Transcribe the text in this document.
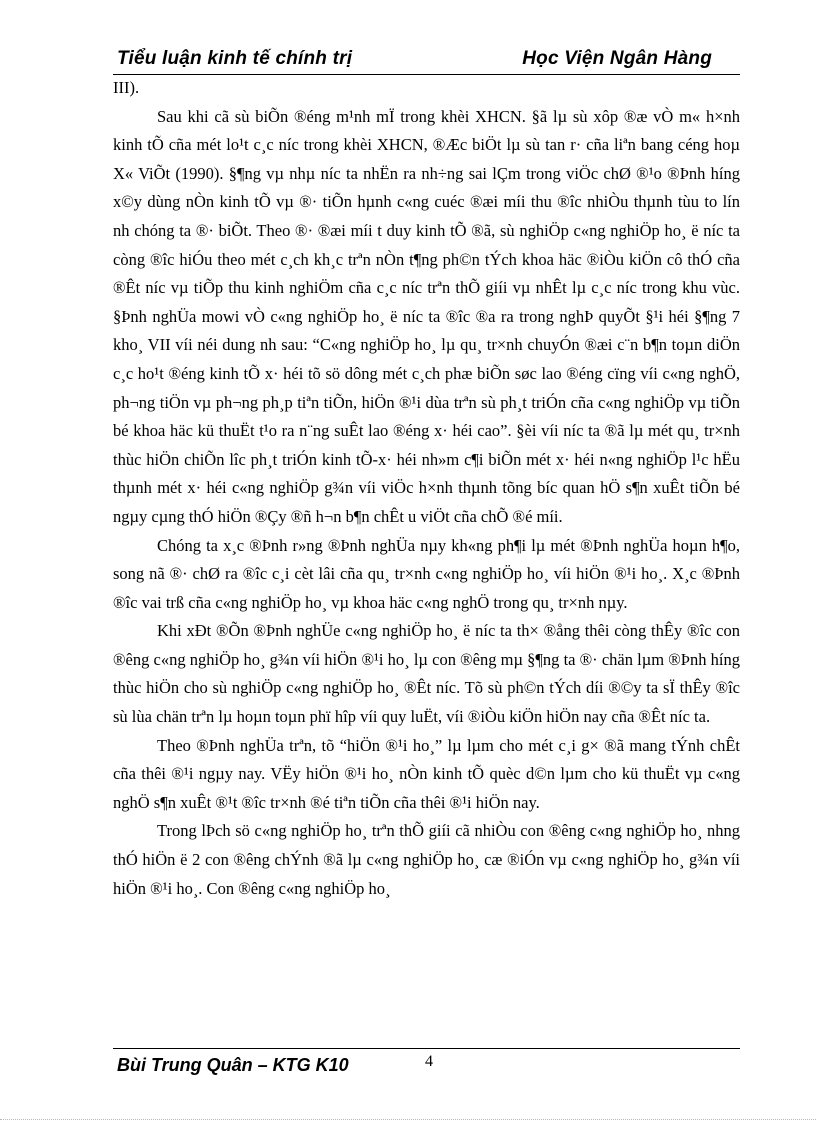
Tiểu luận kinh tế chính trị	Học Viện Ngân Hàng

III).

Sau khi cã sù biÕn ®éng m¹nh mÏ trong khèi XHCN. §ã lµ sù xôp ®æ vÒ m« h×nh kinh tÕ cña mét lo¹t c¸c níc trong khèi XHCN, ®Æc biÖt lµ sù tan r· cña liªn bang céng hoµ X« ViÕt (1990). §¶ng vµ nhµ níc ta nhËn ra nh÷ng sai lÇm trong viÖc chØ ®¹o ®Þnh híng x©y dùng nÒn kinh tÕ vµ ®· tiÕn hµnh c«ng cuéc ®æi míi thu ®îc nhiÒu thµnh tùu to lín nh chóng ta ®· biÕt. Theo ®· ®æi míi t duy kinh tÕ ®ã, sù nghiÖp c«ng nghiÖp ho¸ ë níc ta còng ®îc hiÓu theo mét c¸ch kh¸c trªn nÒn t¶ng ph©n tÝch khoa häc ®iÒu kiÖn cô thÓ cña ®Êt níc vµ tiÕp thu kinh nghiÖm cña c¸c níc trªn thÕ giíi vµ nhÊt lµ c¸c níc trong khu vùc. §Þnh nghÜa mowi vÒ c«ng nghiÖp ho¸ ë níc ta ®îc ®a ra trong nghÞ quyÕt §¹i héi §¶ng 7 kho¸ VII víi néi dung nh sau: “C«ng nghiÖp ho¸ lµ qu¸ tr×nh chuyÓn ®æi c¨n b¶n toµn diÖn c¸c ho¹t ®éng kinh tÕ x· héi tõ sö dông mét c¸ch phæ biÕn søc lao ®éng cïng víi c«ng nghÖ, ph¬ng tiÖn vµ ph¬ng ph¸p tiªn tiÕn, hiÖn ®¹i dùa trªn sù ph¸t triÓn cña c«ng nghiÖp vµ tiÕn bé khoa häc kü thuËt t¹o ra n¨ng suÊt lao ®éng x· héi cao”. §èi víi níc ta ®ã lµ mét qu¸ tr×nh thùc hiÖn chiÕn lîc ph¸t triÓn kinh tÕ-x· héi nh»m c¶i biÕn mét x· héi n«ng nghiÖp l¹c hËu thµnh mét x· héi c«ng nghiÖp g¾n víi viÖc h×nh thµnh tõng bíc quan hÖ s¶n xuÊt tiÕn bé ngµy cµng thÓ hiÖn ®Çy ®ñ h¬n b¶n chÊt u viÖt cña chÕ ®é míi.

Chóng ta x¸c ®Þnh r»ng ®Þnh nghÜa nµy kh«ng ph¶i lµ mét ®Þnh nghÜa hoµn h¶o, song nã ®· chØ ra ®îc c¸i cèt lâi cña qu¸ tr×nh c«ng nghiÖp ho¸ víi hiÖn ®¹i ho¸. X¸c ®Þnh ®îc vai trß cña c«ng nghiÖp ho¸ vµ khoa häc c«ng nghÖ trong qu¸ tr×nh nµy.

Khi xÐt ®Õn ®Þnh nghÜe c«ng nghiÖp ho¸ ë níc ta th× ®ång thêi còng thÊy ®îc con ®êng c«ng nghiÖp ho¸ g¾n víi hiÖn ®¹i ho¸ lµ con ®êng mµ §¶ng ta ®· chän lµm ®Þnh híng thùc hiÖn cho sù nghiÖp c«ng nghiÖp ho¸ ®Êt níc. Tõ sù ph©n tÝch díi ®©y ta sÏ thÊy ®îc sù lùa chän trªn lµ hoµn toµn phï hîp víi quy luËt, víi ®iÒu kiÖn hiÖn nay cña ®Êt níc ta.

Theo ®Þnh nghÜa trªn, tõ “hiÖn ®¹i ho¸” lµ lµm cho mét c¸i g× ®ã mang tÝnh chÊt cña thêi ®¹i ngµy nay. VËy hiÖn ®¹i ho¸ nÒn kinh tÕ quèc d©n lµm cho kü thuËt vµ c«ng nghÖ s¶n xuÊt ®¹t ®îc tr×nh ®é tiªn tiÕn cña thêi ®¹i hiÖn nay.

Trong lÞch sö c«ng nghiÖp ho¸ trªn thÕ giíi cã nhiÒu con ®êng c«ng nghiÖp ho¸ nhng thÓ hiÖn ë 2 con ®êng chÝnh ®ã lµ c«ng nghiÖp ho¸ cæ ®iÓn vµ c«ng nghiÖp ho¸ g¾n víi hiÖn ®¹i ho¸. Con ®êng c«ng nghiÖp ho¸

Bùi Trung Quân – KTG K10	4
